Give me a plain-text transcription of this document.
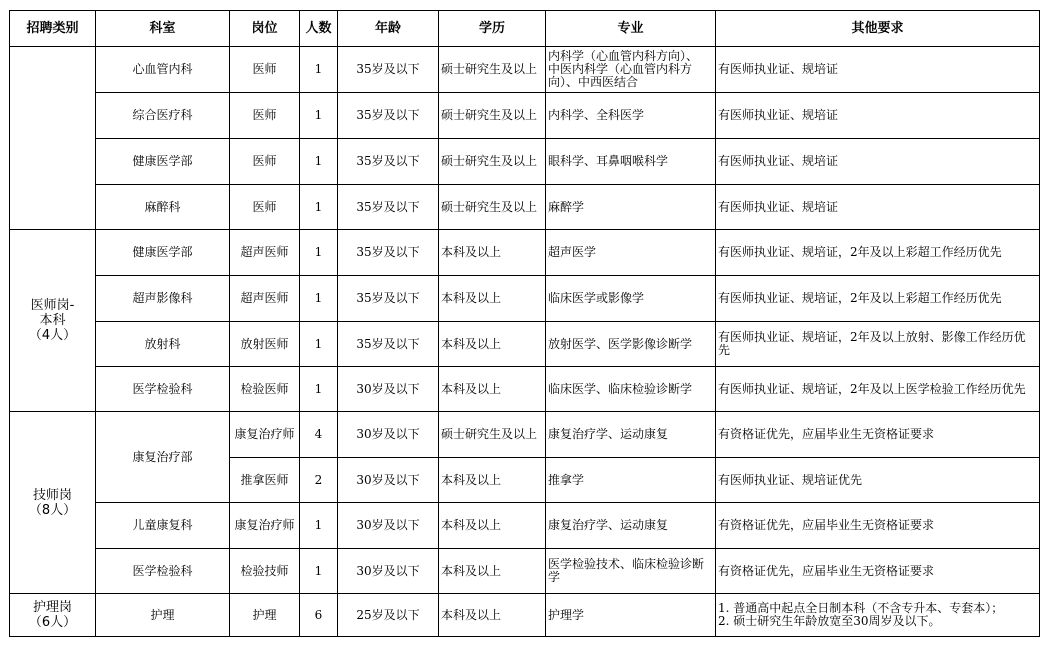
招聘类别	科室	岗位	人数	年龄	学历	专业	其他要求
	心血管内科	医师	1	35岁及以下	硕士研究生及以上	内科学（心血管内科方向）、
中医内科学（心血管内科方
向）、中西医结合	有医师执业证、规培证

	综合医疗科	医师	1	35岁及以下	硕士研究生及以上	内科学、全科医学	有医师执业证、规培证

	健康医学部	医师	1	35岁及以下	硕士研究生及以上	眼科学、耳鼻咽喉科学	有医师执业证、规培证

	麻醉科	医师	1	35岁及以下	硕士研究生及以上	麻醉学	有医师执业证、规培证

医师岗-
本科
（4人）	健康医学部	超声医师	1	35岁及以下	本科及以上	超声医学	有医师执业证、规培证，2年及以上彩超工作经历优先

	超声影像科	超声医师	1	35岁及以下	本科及以上	临床医学或影像学	有医师执业证、规培证，2年及以上彩超工作经历优先

	放射科	放射医师	1	35岁及以下	本科及以上	放射医学、医学影像诊断学	有医师执业证、规培证，2年及以上放射、影像工作经历优
先

	医学检验科	检验医师	1	30岁及以下	本科及以上	临床医学、临床检验诊断学	有医师执业证、规培证，2年及以上医学检验工作经历优先

技师岗
（8人）	康复治疗部	康复治疗师	4	30岁及以下	硕士研究生及以上	康复治疗学、运动康复	有资格证优先，应届毕业生无资格证要求

		推拿医师	2	30岁及以下	本科及以上	推拿学	有医师执业证、规培证优先

	儿童康复科	康复治疗师	1	30岁及以下	本科及以上	康复治疗学、运动康复	有资格证优先，应届毕业生无资格证要求

	医学检验科	检验技师	1	30岁及以下	本科及以上	医学检验技术、临床检验诊断
学	有资格证优先，应届毕业生无资格证要求

护理岗
（6人）	护理	护理	6	25岁及以下	本科及以上	护理学	1. 普通高中起点全日制本科（不含专升本、专套本）；
2. 硕士研究生年龄放宽至30周岁及以下。
